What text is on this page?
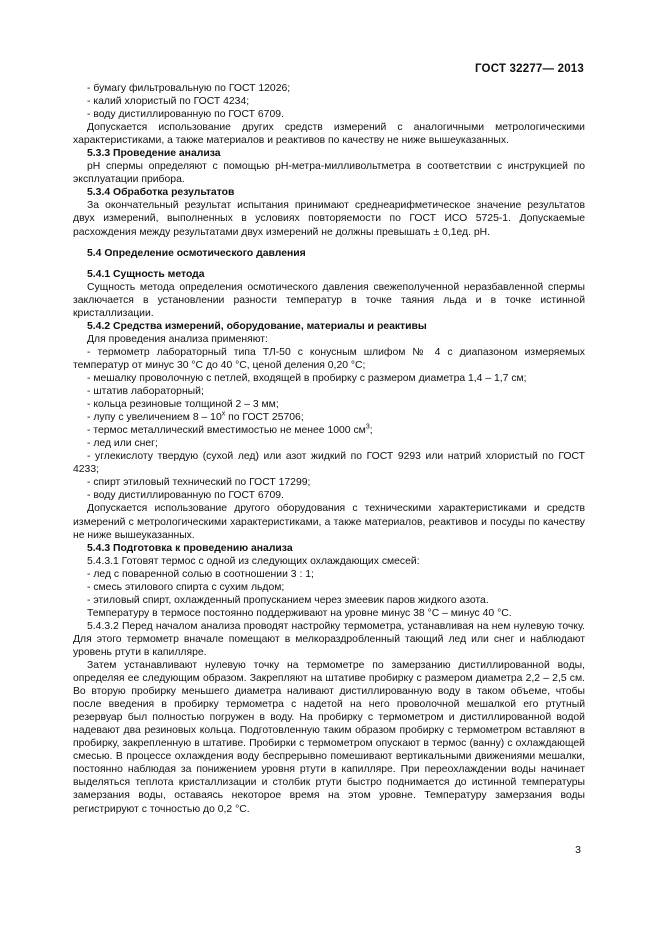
ГОСТ 32277— 2013

- бумагу фильтровальную по ГОСТ 12026;

- калий хлористый по ГОСТ 4234;

- воду дистиллированную по ГОСТ 6709.

Допускается использование других средств измерений с аналогичными метрологическими характеристиками, а также материалов и реактивов по качеству не ниже вышеуказанных.

5.3.3 Проведение анализа

pH спермы определяют с помощью pH-метра-милливольтметра в соответствии с инструкцией по эксплуатации прибора.

5.3.4 Обработка результатов

За окончательный результат испытания принимают среднеарифметическое значение результатов двух измерений, выполненных в условиях повторяемости по ГОСТ ИСО 5725-1. Допускаемые расхождения между результатами двух измерений не должны превышать ± 0,1ед. pH.

5.4 Определение осмотического давления

5.4.1 Сущность метода

Сущность метода определения осмотического давления свежеполученной неразбавленной спермы заключается в установлении разности температур в точке таяния льда и в точке истинной кристаллизации.

5.4.2 Средства измерений, оборудование, материалы и реактивы

Для проведения анализа применяют:

- термометр лабораторный типа ТЛ-50 с конусным шлифом № 4 с диапазоном измеряемых температур от минус 30 °С до 40 °С, ценой деления 0,20 °С;

- мешалку проволочную с петлей, входящей в пробирку с размером диаметра 1,4 – 1,7 см;

- штатив лабораторный;

- кольца резиновые толщиной 2 – 3 мм;

- лупу с увеличением 8 – 10$^x$ по ГОСТ 25706;

- термос металлический вместимостью не менее 1000 $см^3$;

- лед или снег;

- углекислоту твердую (сухой лед) или азот жидкий по ГОСТ 9293 или натрий хлористый по ГОСТ 4233;

- спирт этиловый технический по ГОСТ 17299;

- воду дистиллированную по ГОСТ 6709.

Допускается использование другого оборудования с техническими характеристиками и средств измерений с метрологическими характеристиками, а также материалов, реактивов и посуды по качеству не ниже вышеуказанных.

5.4.3 Подготовка к проведению анализа

5.4.3.1 Готовят термос с одной из следующих охлаждающих смесей:

- лед с поваренной солью в соотношении 3 : 1;

- смесь этилового спирта с сухим льдом;

- этиловый спирт, охлажденный пропусканием через змеевик паров жидкого азота.

Температуру в термосе постоянно поддерживают на уровне минус 38 °С – минус 40 °С.

5.4.3.2 Перед началом анализа проводят настройку термометра, устанавливая на нем нулевую точку. Для этого термометр вначале помещают в мелкораздробленный тающий лед или снег и наблюдают уровень ртути в капилляре.

Затем устанавливают нулевую точку на термометре по замерзанию дистиллированной воды, определяя ее следующим образом. Закрепляют на штативе пробирку с размером диаметра 2,2 – 2,5 см. Во вторую пробирку меньшего диаметра наливают дистиллированную воду в таком объеме, чтобы после введения в пробирку термометра с надетой на него проволочной мешалкой его ртутный резервуар был полностью погружен в воду. На пробирку с термометром и дистиллированной водой надевают два резиновых кольца. Подготовленную таким образом пробирку с термометром вставляют в пробирку, закрепленную в штативе. Пробирки с термометром опускают в термос (ванну) с охлаждающей смесью. В процессе охлаждения воду беспрерывно помешивают вертикальными движениями мешалки, постоянно наблюдая за понижением уровня ртути в капилляре. При переохлаждении воды начинает выделяться теплота кристаллизации и столбик ртути быстро поднимается до истинной температуры замерзания воды, оставаясь некоторое время на этом уровне. Температуру замерзания воды регистрируют с точностью до 0,2 °С.

3
